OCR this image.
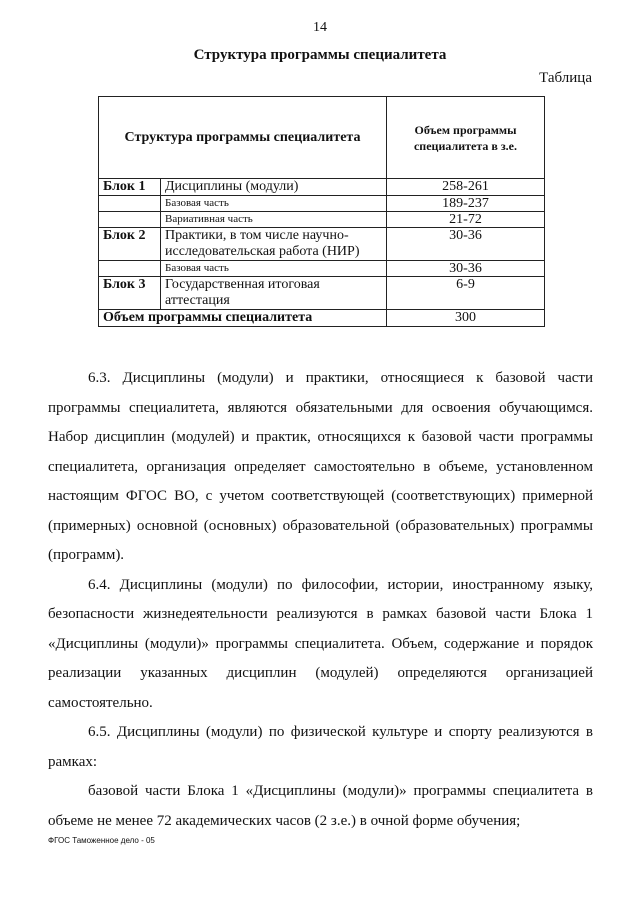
14
Структура программы специалитета
Таблица
Структура программы специалитета		Объем программы специалитета в з.е.
Блок 1	Дисциплины (модули)	258-261
	Базовая часть	189-237
	Вариативная часть	21-72
Блок 2	Практики, в том числе научно-исследовательская работа (НИР)	30-36
	Базовая часть	30-36
Блок 3	Государственная итоговая аттестация	6-9
Объем программы специалитета		300

6.3. Дисциплины (модули) и практики, относящиеся к базовой части программы специалитета, являются обязательными для освоения обучающимся. Набор дисциплин (модулей) и практик, относящихся к базовой части программы специалитета, организация определяет самостоятельно в объеме, установленном настоящим ФГОС ВО, с учетом соответствующей (соответствующих) примерной (примерных) основной (основных) образовательной (образовательных) программы (программ).

6.4. Дисциплины (модули) по философии, истории, иностранному языку, безопасности жизнедеятельности реализуются в рамках базовой части Блока 1 «Дисциплины (модули)» программы специалитета. Объем, содержание и порядок реализации указанных дисциплин (модулей) определяются организацией самостоятельно.

6.5. Дисциплины (модули) по физической культуре и спорту реализуются в рамках:

базовой части Блока 1 «Дисциплины (модули)» программы специалитета в объеме не менее 72 академических часов (2 з.е.) в очной форме обучения;

ФГОС Таможенное дело - 05
